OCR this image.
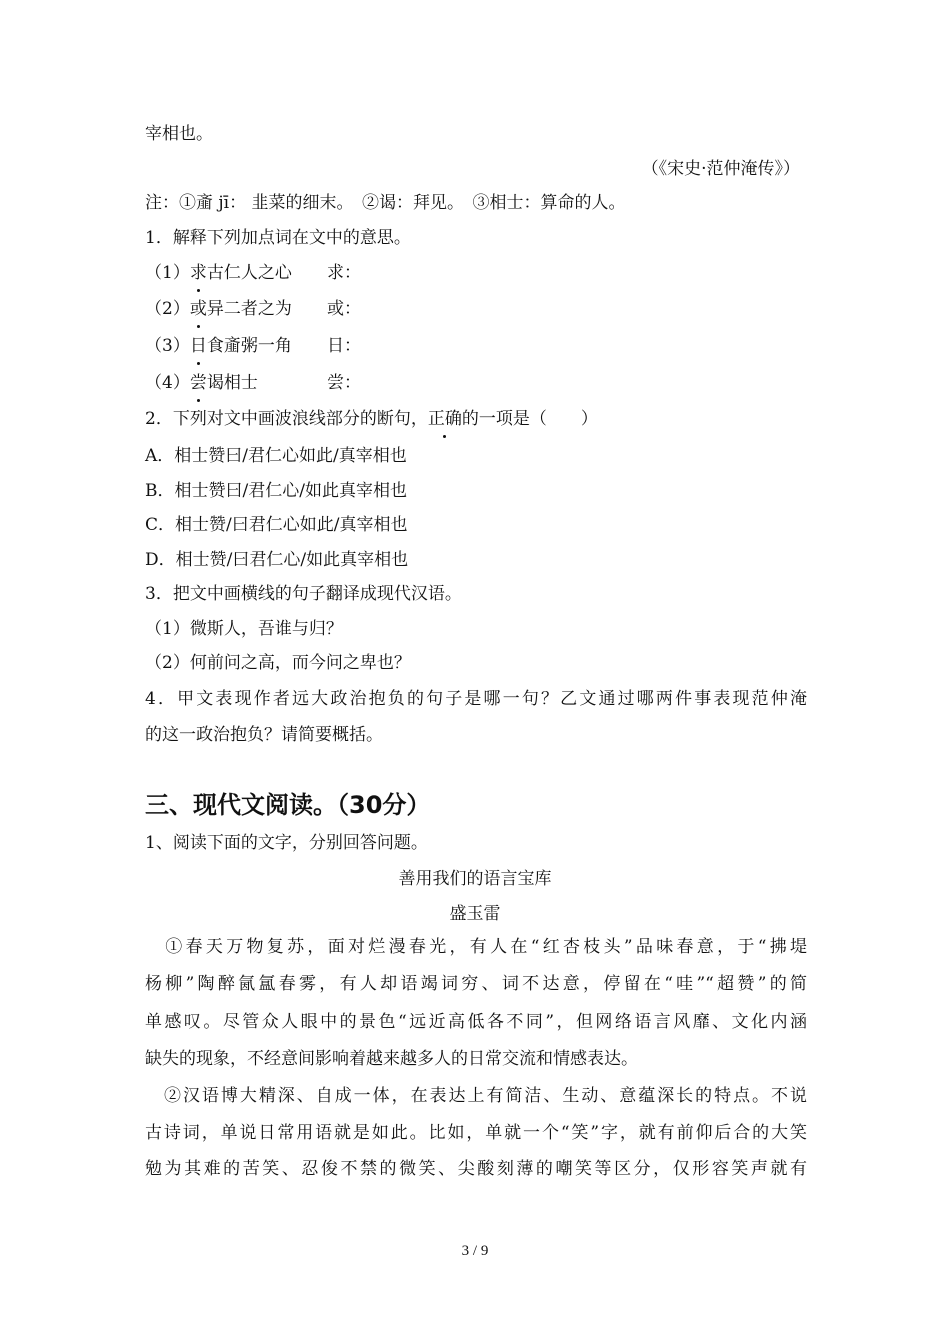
宰相也。
（《宋史·范仲淹传》）
注：①齑 jī： 韭菜的细末。　②谒：拜见。　③相士：算命的人。
1．解释下列加点词在文中的意思。
（1）求古仁人之心 求：
（2）或异二者之为 或：
（3）日食齑粥一角 日：
（4）尝谒相士	尝：
2．下列对文中画波浪线部分的断句，正确的一项是（　　）
A．相士赞曰/君仁心如此/真宰相也
B．相士赞曰/君仁心/如此真宰相也
C．相士赞/曰君仁心如此/真宰相也
D．相士赞/曰君仁心/如此真宰相也
3．把文中画横线的句子翻译成现代汉语。
（1）微斯人，吾谁与归？
（2）何前问之高，而今问之卑也？
4．甲文表现作者远大政治抱负的句子是哪一句？乙文通过哪两件事表现范仲淹
的这一政治抱负？请简要概括。
三、现代文阅读。（30分）
1、阅读下面的文字，分别回答问题。
善用我们的语言宝库
盛玉雷
　①春天万物复苏，面对烂漫春光，有人在“红杏枝头”品味春意，于“拂堤
杨柳”陶醉氤氲春雾，有人却语竭词穷、词不达意，停留在“哇”“超赞”的简
单感叹。尽管众人眼中的景色“远近高低各不同”，但网络语言风靡、文化内涵
缺失的现象，不经意间影响着越来越多人的日常交流和情感表达。
　②汉语博大精深、自成一体，在表达上有简洁、生动、意蕴深长的特点。不说
古诗词，单说日常用语就是如此。比如，单就一个“笑”字，就有前仰后合的大笑
勉为其难的苦笑、忍俊不禁的微笑、尖酸刻薄的嘲笑等区分，仅形容笑声就有
3 / 9
